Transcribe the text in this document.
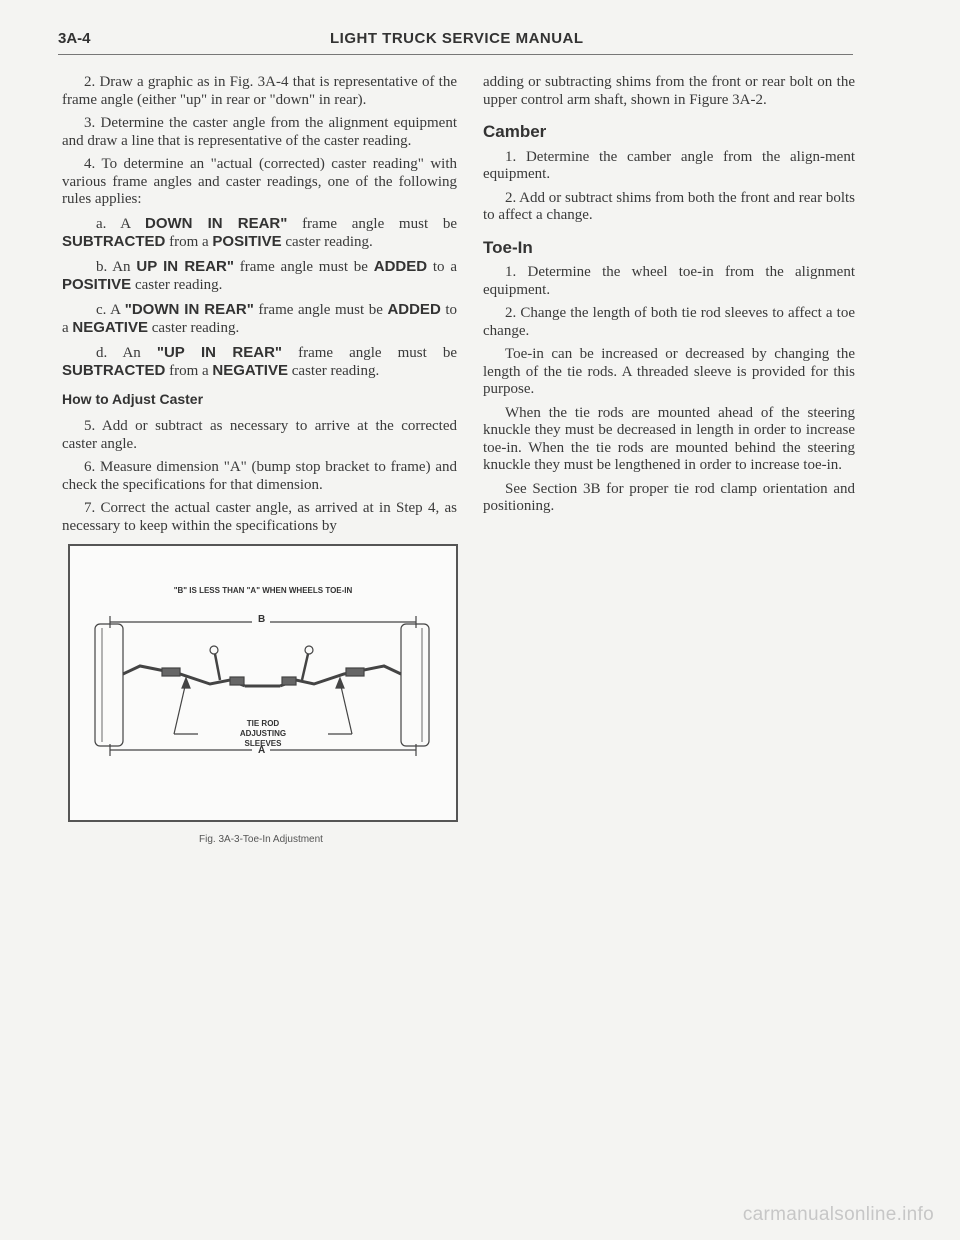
3A-4	LIGHT TRUCK SERVICE MANUAL

2. Draw a graphic as in Fig. 3A-4 that is representative of the frame angle (either "up" in rear or "down" in rear).

3. Determine the caster angle from the alignment equipment and draw a line that is representative of the caster reading.

4. To determine an "actual (corrected) caster reading" with various frame angles and caster readings, one of the following rules applies:

a. A DOWN IN REAR" frame angle must be SUBTRACTED from a POSITIVE caster reading.

b. An UP IN REAR" frame angle must be ADDED to a POSITIVE caster reading.

c. A "DOWN IN REAR" frame angle must be ADDED to a NEGATIVE caster reading.

d. An "UP IN REAR" frame angle must be SUBTRACTED from a NEGATIVE caster reading.

How to Adjust Caster

5. Add or subtract as necessary to arrive at the corrected caster angle.

6. Measure dimension "A" (bump stop bracket to frame) and check the specifications for that dimension.

7. Correct the actual caster angle, as arrived at in Step 4, as necessary to keep within the specifications by

adding or subtracting shims from the front or rear bolt on the upper control arm shaft, shown in Figure 3A-2.

Camber

1. Determine the camber angle from the align-ment equipment.

2. Add or subtract shims from both the front and rear bolts to affect a change.

Toe-In

1. Determine the wheel toe-in from the alignment equipment.

2. Change the length of both tie rod sleeves to affect a toe change.

Toe-in can be increased or decreased by changing the length of the tie rods. A threaded sleeve is provided for this purpose.

When the tie rods are mounted ahead of the steering knuckle they must be decreased in length in order to increase toe-in. When the tie rods are mounted behind the steering knuckle they must be lengthened in order to increase toe-in.

See Section 3B for proper tie rod clamp orientation and positioning.

"B" IS LESS THAN "A" WHEN WHEELS TOE-IN
B
A
TIE ROD ADJUSTING SLEEVES
Fig. 3A-3-Toe-In Adjustment
carmanualsonline.info
